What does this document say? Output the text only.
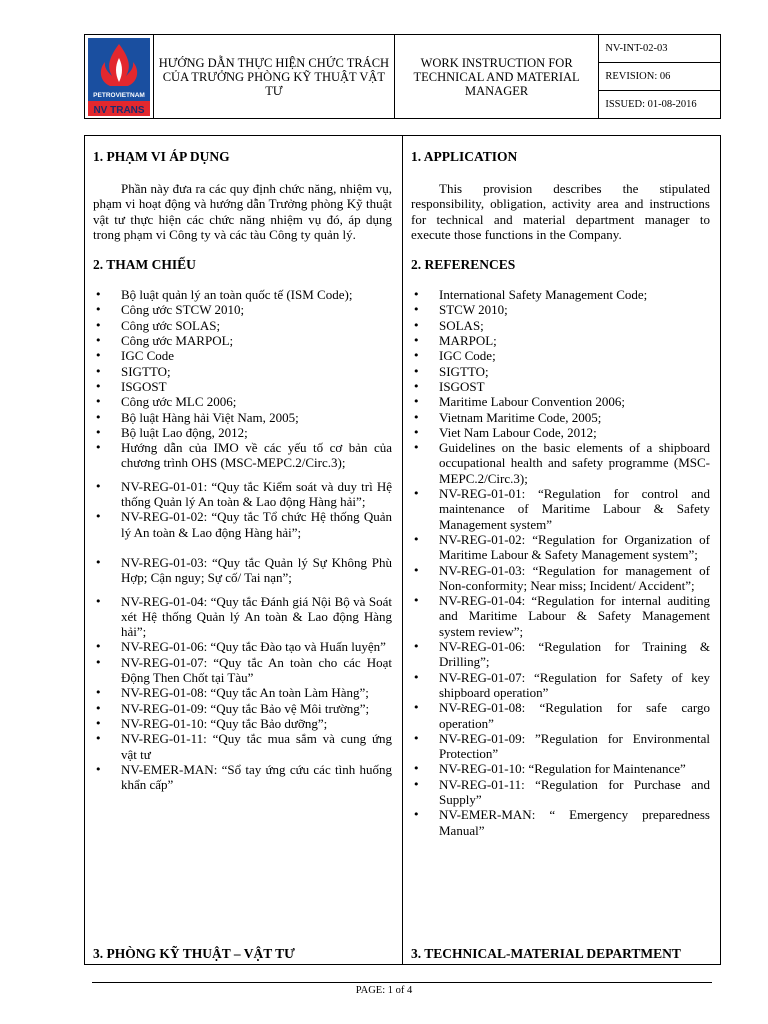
PETROVIETNAM
NV TRANS
	HƯỚNG DẪN THỰC HIỆN CHỨC TRÁCH CỦA TRƯỞNG PHÒNG KỸ THUẬT VẬT TƯ	WORK INSTRUCTION FOR TECHNICAL AND MATERIAL MANAGER	NV-INT-02-03
REVISION: 06
ISSUED: 01-08-2016
1. PHẠM VI ÁP DỤNG

Phần này đưa ra các quy định chức năng, nhiệm vụ, phạm vi hoạt động và hướng dẫn Trưởng phòng Kỹ thuật vật tư thực hiện các chức năng nhiệm vụ đó, áp dụng trong phạm vi Công ty và các tàu Công ty quản lý.

2. THAM CHIẾU
• Bộ luật quản lý an toàn quốc tế (ISM Code);
• Công ước STCW 2010;
• Công ước SOLAS;
• Công ước MARPOL;
• IGC Code
• SIGTTO;
• ISGOST
• Công ước MLC 2006;
• Bộ luật Hàng hải Việt Nam, 2005;
• Bộ luật Lao động, 2012;
• Hướng dẫn của IMO về các yếu tố cơ bản của chương trình OHS (MSC-MEPC.2/Circ.3);
• NV-REG-01-01: “Quy tắc Kiểm soát và duy trì Hệ thống Quản lý An toàn & Lao động Hàng hải”;
• NV-REG-01-02: “Quy tắc Tổ chức Hệ thống Quản lý An toàn & Lao động Hàng hải”;
• NV-REG-01-03: “Quy tắc Quản lý Sự Không Phù Hợp; Cận nguy; Sự cố/ Tai nạn”;
• NV-REG-01-04: “Quy tắc Đánh giá Nội Bộ và Soát xét Hệ thống Quản lý An toàn & Lao động Hàng hải”;
• NV-REG-01-06: “Quy tắc Đào tạo và Huấn luyện”
• NV-REG-01-07: “Quy tắc An toàn cho các Hoạt Động Then Chốt tại Tàu”
• NV-REG-01-08: “Quy tắc An toàn Làm Hàng”;
• NV-REG-01-09: “Quy tắc Bảo vệ Môi trường”;
• NV-REG-01-10: “Quy tắc Bảo dưỡng”;
• NV-REG-01-11: “Quy tắc mua sắm và cung ứng vật tư
• NV-EMER-MAN: “Sổ tay ứng cứu các tình huống khẩn cấp”
3. PHÒNG KỸ THUẬT – VẬT TƯ
1. APPLICATION

This provision describes the stipulated responsibility, obligation, activity area and instructions for technical and material department manager to execute those functions in the Company.

2. REFERENCES
• International Safety Management Code;
• STCW 2010;
• SOLAS;
• MARPOL;
• IGC Code;
• SIGTTO;
• ISGOST
• Maritime Labour Convention 2006;
• Vietnam Maritime Code, 2005;
• Viet Nam Labour Code, 2012;
• Guidelines on the basic elements of a shipboard occupational health and safety programme (MSC-MEPC.2/Circ.3);
• NV-REG-01-01: “Regulation for control and maintenance of Maritime Labour & Safety Management system”
• NV-REG-01-02: “Regulation for Organization of Maritime Labour & Safety Management system”;
• NV-REG-01-03: “Regulation for management of Non-conformity; Near miss; Incident/ Accident”;
• NV-REG-01-04: “Regulation for internal auditing and Maritime Labour & Safety Management system review”;
• NV-REG-01-06: “Regulation for Training & Drilling”;
• NV-REG-01-07: “Regulation for Safety of key shipboard operation”
• NV-REG-01-08: “Regulation for safe cargo operation”
• NV-REG-01-09: ”Regulation for Environmental Protection”
• NV-REG-01-10: “Regulation for Maintenance”
• NV-REG-01-11: “Regulation for Purchase and Supply”
• NV-EMER-MAN: “ Emergency preparedness Manual”
3. TECHNICAL-MATERIAL DEPARTMENT
PAGE: 1 of 4
